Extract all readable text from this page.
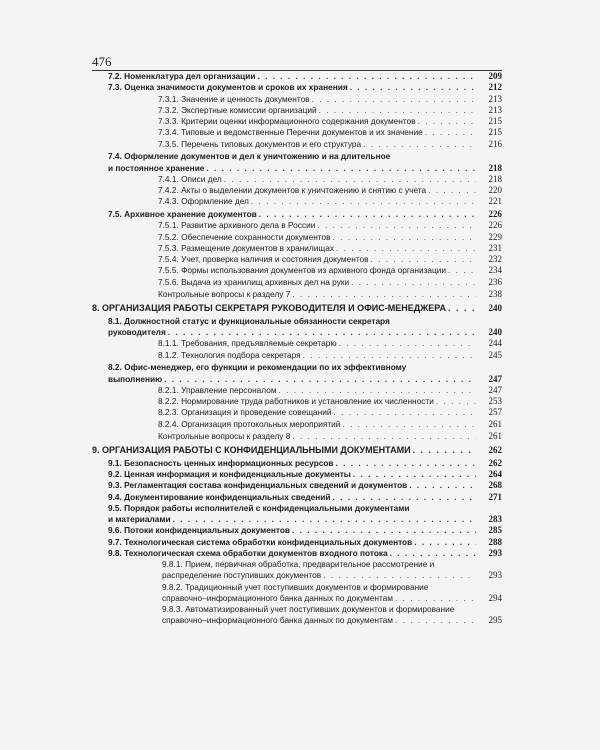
476
7.2. Номенклатура дел организации . . .	209
7.3. Оценка значимости документов и сроков их хранения . . .	212
7.3.1. Значение и ценность документов . . .	213
7.3.2. Экспертные комиссии организаций . . .	213
7.3.3. Критерии оценки информационного содержания документов . . .	215
7.3.4. Типовые и ведомственные Перечни документов и их значение . . .	215
7.3.5. Перечень типовых документов и его структура . . .	216
7.4. Оформление документов и дел к уничтожению и на длительное
и постоянное хранение . . .	218
7.4.1. Описи дел . . .	218
7.4.2. Акты о выделении документов к уничтожению и снятию с учета . . .	220
7.4.3. Оформление дел . . .	221
7.5. Архивное хранение документов . . .	226
7.5.1. Развитие архивного дела в России . . .	226
7.5.2. Обеспечение сохранности документов . . .	229
7.5.3. Размещение документов в хранилищах . . .	231
7.5.4. Учет, проверка наличия и состояния документов . . .	232
7.5.5. Формы использования документов из архивного фонда организации . . .	234
7.5.6. Выдача из хранилищ архивных дел на руки . . .	236
Контрольные вопросы к разделу 7 . . .	238
8. ОРГАНИЗАЦИЯ РАБОТЫ СЕКРЕТАРЯ РУКОВОДИТЕЛЯ И ОФИС-МЕНЕДЖЕРА . . .	240
8.1. Должностной статус и функциональные обязанности секретаря
руководителя . . .	240
8.1.1. Требования, предъявляемые секретарю . . .	244
8.1.2. Технология подбора секретаря . . .	245
8.2. Офис-менеджер, его функции и рекомендации по их эффективному
выполнению . . .	247
8.2.1. Управление персоналом . . .	247
8.2.2. Нормирование труда работников и установление их численности . . .	253
8.2.3. Организация и проведение совещаний . . .	257
8.2.4. Организация протокольных мероприятий . . .	261
Контрольные вопросы к разделу 8 . . .	261
9. ОРГАНИЗАЦИЯ РАБОТЫ С КОНФИДЕНЦИАЛЬНЫМИ ДОКУМЕНТАМИ . . .	262
9.1. Безопасность ценных информационных ресурсов . . .	262
9.2. Ценная информация и конфиденциальные документы . . .	264
9.3. Регламентация состава конфиденциальных сведений и документов . . .	268
9.4. Документирование конфиденциальных сведений . . .	271
9.5. Порядок работы исполнителей с конфиденциальными документами
и материалами . . .	283
9.6. Потоки конфиденциальных документов . . .	285
9.7. Технологическая система обработки конфиденциальных документов . . .	288
9.8. Технологическая схема обработки документов входного потока . . .	293
9.8.1. Прием, первичная обработка, предварительное рассмотрение и
распределение поступивших документов . . .	293
9.8.2. Традиционный учет поступивших документов и формирование
справочно–информационного банка данных по документам . . .	294
9.8.3. Автоматизированный учет поступивших документов и формирование
справочно–информационного банка данных по документам . . .	295
